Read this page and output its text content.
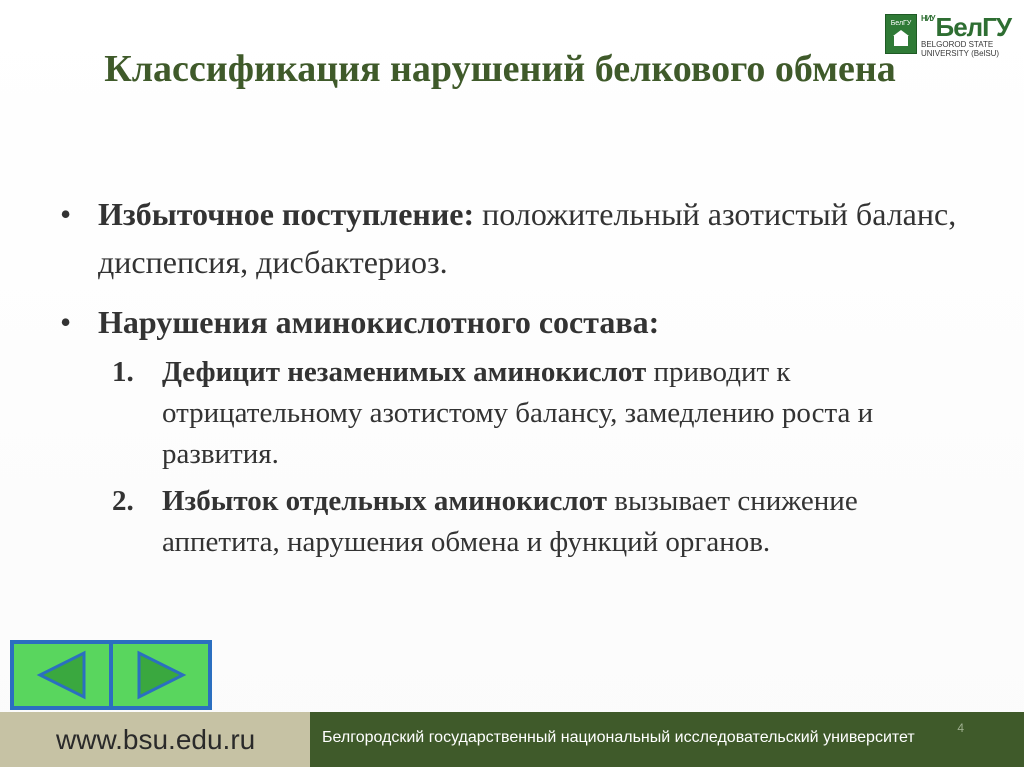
БелГУ
$^{НИУ}$БелГУ
BELGOROD STATE
UNIVERSITY (BelSU)
Классификация нарушений белкового обмена
• Избыточное поступление: положительный азотистый баланс, диспепсия, дисбактериоз.
• Нарушения аминокислотного состава:
1. Дефицит незаменимых аминокислот приводит к отрицательному азотистому балансу, замедлению роста и развития.
2. Избыток отдельных аминокислот вызывает снижение аппетита, нарушения обмена и функций органов.
www.bsu.edu.ru	Белгородский государственный национальный исследовательский университет
4
